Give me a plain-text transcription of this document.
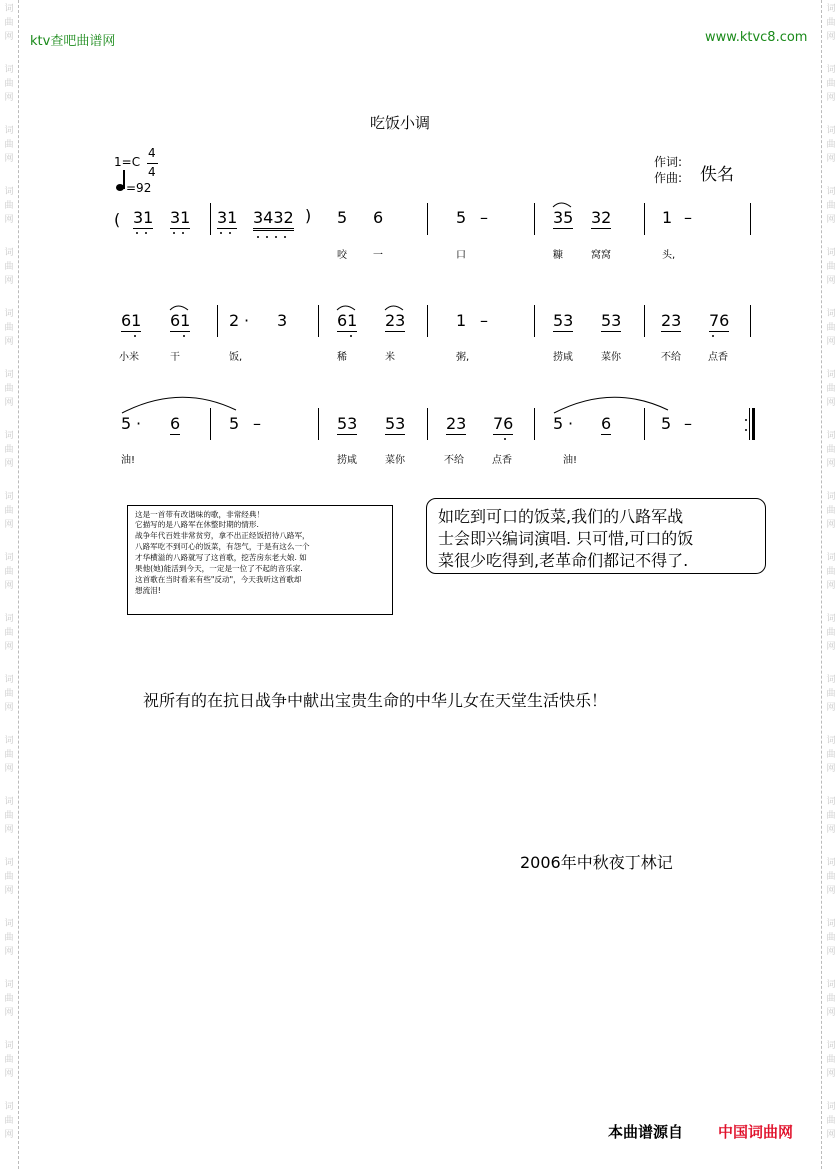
词
曲
网
词
曲
网
词
曲
网
词
曲
网
词
曲
网
词
曲
网
词
曲
网
词
曲
网
词
曲
网
词
曲
网
词
曲
网
词
曲
网
词
曲
网
词
曲
网
词
曲
网
词
曲
网
词
曲
网
词
曲
网
词
曲
网
词
曲
网
词
曲
网
词
曲
网
词
曲
网
词
曲
网
词
曲
网
词
曲
网
词
曲
网
词
曲
网
词
曲
网
词
曲
网
词
曲
网
词
曲
网
词
曲
网
词
曲
网
词
曲
网
词
曲
网
词
曲
网
词
曲
网
ktv查吧曲谱网	www.ktvc8.com
吃饭小调
1=C
4
4
=92
作词:
作曲: 佚名
( 31 31 31 3432 ) 5 6	5 –	35 32	1 –
咬	一	口	糠	窝窝	头,
61 61 2 · 3	61 23	1 –	53 53 23 76
小米	干	饭,	稀	米	粥,	捞咸	菜你	不给	点香
5 · 6	5 –	53 53	23 76 5 · 6	5 –
油!	捞咸	菜你	不给	点香	油!
这是一首带有改谐味的歌，非常经典！
它描写的是八路军在休整时期的情形.
战争年代百姓非常贫穷，拿不出正经饭招待八路军，
八路军吃不到可心的饭菜，有怨气，于是有这么一个
才华横溢的八路就写了这首歌，挖苦房东老大娘. 如
果他(她)能活到今天，一定是一位了不起的音乐家.
这首歌在当时看来有些"反动"，今天我听这首歌却
想流泪!
如吃到可口的饭菜,我们的八路军战
士会即兴编词演唱. 只可惜,可口的饭
菜很少吃得到,老革命们都记不得了.
祝所有的在抗日战争中献出宝贵生命的中华儿女在天堂生活快乐！
2006年中秋夜丁林记
本曲谱源自 中国词曲网
